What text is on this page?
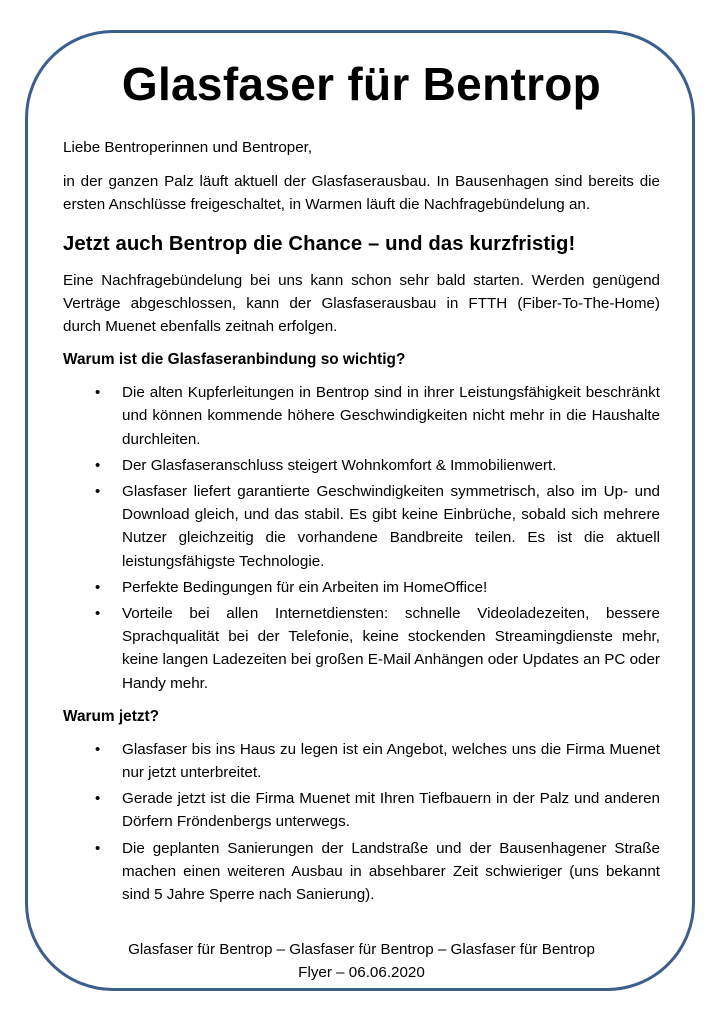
Glasfaser für Bentrop

Liebe Bentroperinnen und Bentroper,

in der ganzen Palz läuft aktuell der Glasfaserausbau. In Bausenhagen sind bereits die ersten Anschlüsse freigeschaltet, in Warmen läuft die Nachfragebündelung an.

Jetzt auch Bentrop die Chance – und das kurzfristig!

Eine Nachfragebündelung bei uns kann schon sehr bald starten. Werden genügend Verträge abgeschlossen, kann der Glasfaserausbau in FTTH (Fiber-To-The-Home) durch Muenet ebenfalls zeitnah erfolgen.

Warum ist die Glasfaseranbindung so wichtig?
• Die alten Kupferleitungen in Bentrop sind in ihrer Leistungsfähigkeit beschränkt und können kommende höhere Geschwindigkeiten nicht mehr in die Haushalte durchleiten.
• Der Glasfaseranschluss steigert Wohnkomfort & Immobilienwert.
• Glasfaser liefert garantierte Geschwindigkeiten symmetrisch, also im Up- und Download gleich, und das stabil. Es gibt keine Einbrüche, sobald sich mehrere Nutzer gleichzeitig die vorhandene Bandbreite teilen. Es ist die aktuell leistungsfähigste Technologie.
• Perfekte Bedingungen für ein Arbeiten im HomeOffice!
• Vorteile bei allen Internetdiensten: schnelle Videoladezeiten, bessere Sprachqualität bei der Telefonie, keine stockenden Streamingdienste mehr, keine langen Ladezeiten bei großen E-Mail Anhängen oder Updates an PC oder Handy mehr.
Warum jetzt?
• Glasfaser bis ins Haus zu legen ist ein Angebot, welches uns die Firma Muenet nur jetzt unterbreitet.
• Gerade jetzt ist die Firma Muenet mit Ihren Tiefbauern in der Palz und anderen Dörfern Fröndenbergs unterwegs.
• Die geplanten Sanierungen der Landstraße und der Bausenhagener Straße machen einen weiteren Ausbau in absehbarer Zeit schwieriger (uns bekannt sind 5 Jahre Sperre nach Sanierung).
Glasfaser für Bentrop – Glasfaser für Bentrop – Glasfaser für Bentrop
Flyer – 06.06.2020
